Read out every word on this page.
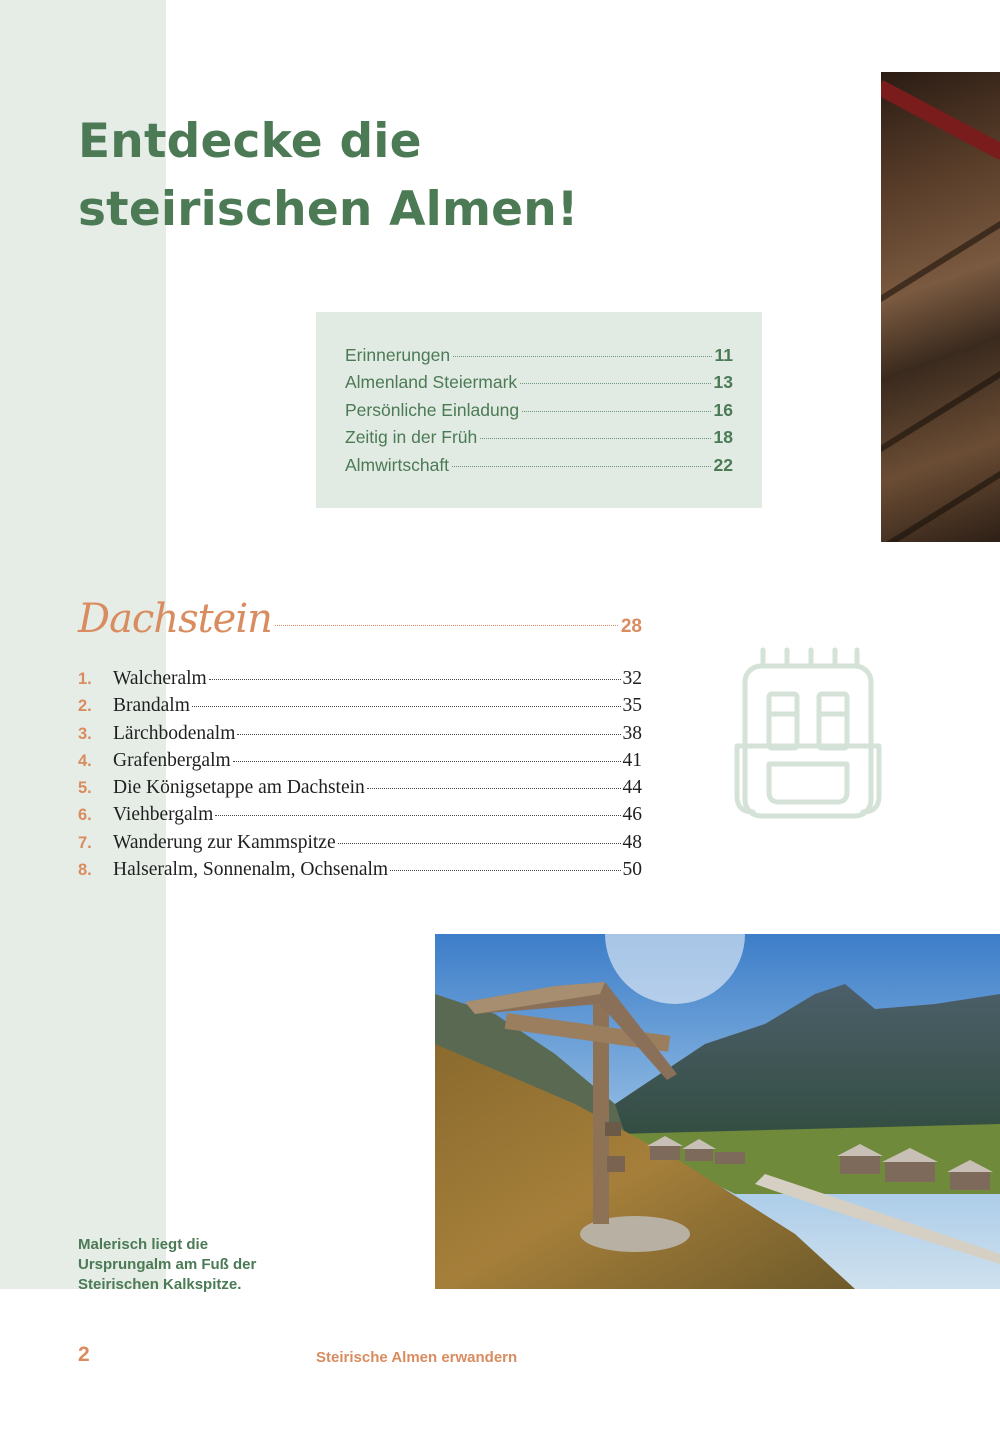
Entdecke die
steirischen Almen!
Erinnerungen	11
Almenland Steiermark	13
Persönliche Einladung	16
Zeitig in der Früh	18
Almwirtschaft	22
Dachstein	28
1.	Walcheralm	32
2.	Brandalm	35
3.	Lärchbodenalm	38
4.	Grafenbergalm	41
5.	Die Königsetappe am Dachstein	44
6.	Viehbergalm	46
7.	Wanderung zur Kammspitze	48
8.	Halseralm, Sonnenalm, Ochsenalm	50

Malerisch liegt die Ursprungalm am Fuß der Steirischen Kalkspitze.

2	Steirische Almen erwandern
